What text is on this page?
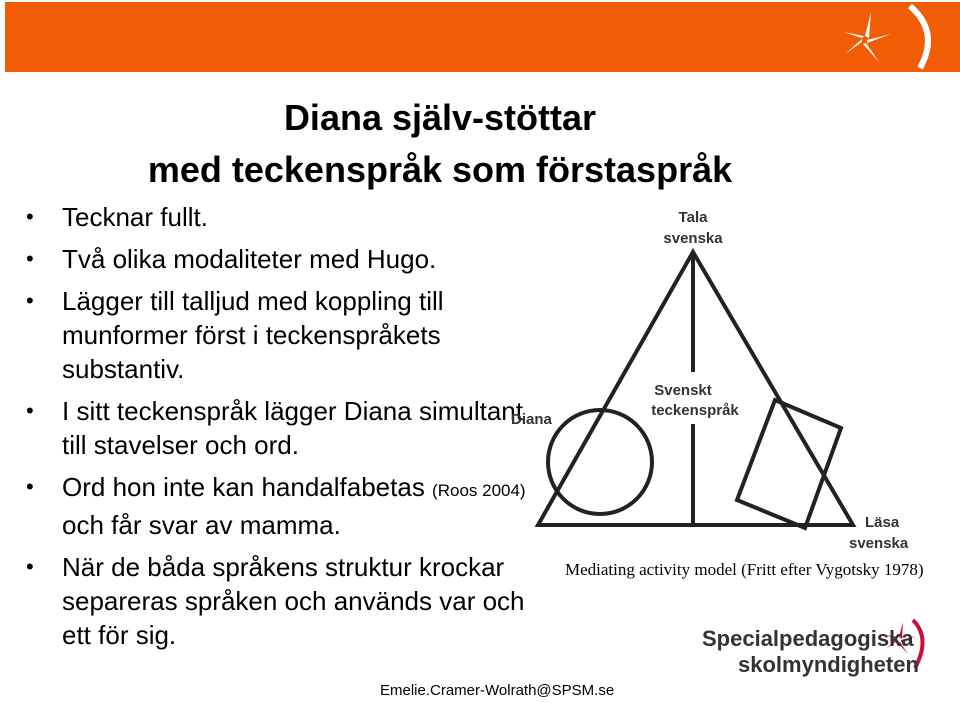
Diana själv-stöttar
med teckenspråk som förstaspråk
• Tecknar fullt.
• Två olika modaliteter med Hugo.
• Lägger till talljud med koppling till munformer först i teckenspråkets substantiv.
• I sitt teckenspråk lägger Diana simultant till stavelser och ord.
• Ord hon inte kan handalfabetas (Roos 2004) och får svar av mamma.
• När de båda språkens struktur krockar separeras språken och används var och ett för sig.
Tala
svenska
Svenskt
teckenspråk
Diana
Läsa
svenska
Mediating activity model (Fritt efter Vygotsky 1978)
Specialpedagogiska
skolmyndigheten
Emelie.Cramer-Wolrath@SPSM.se
